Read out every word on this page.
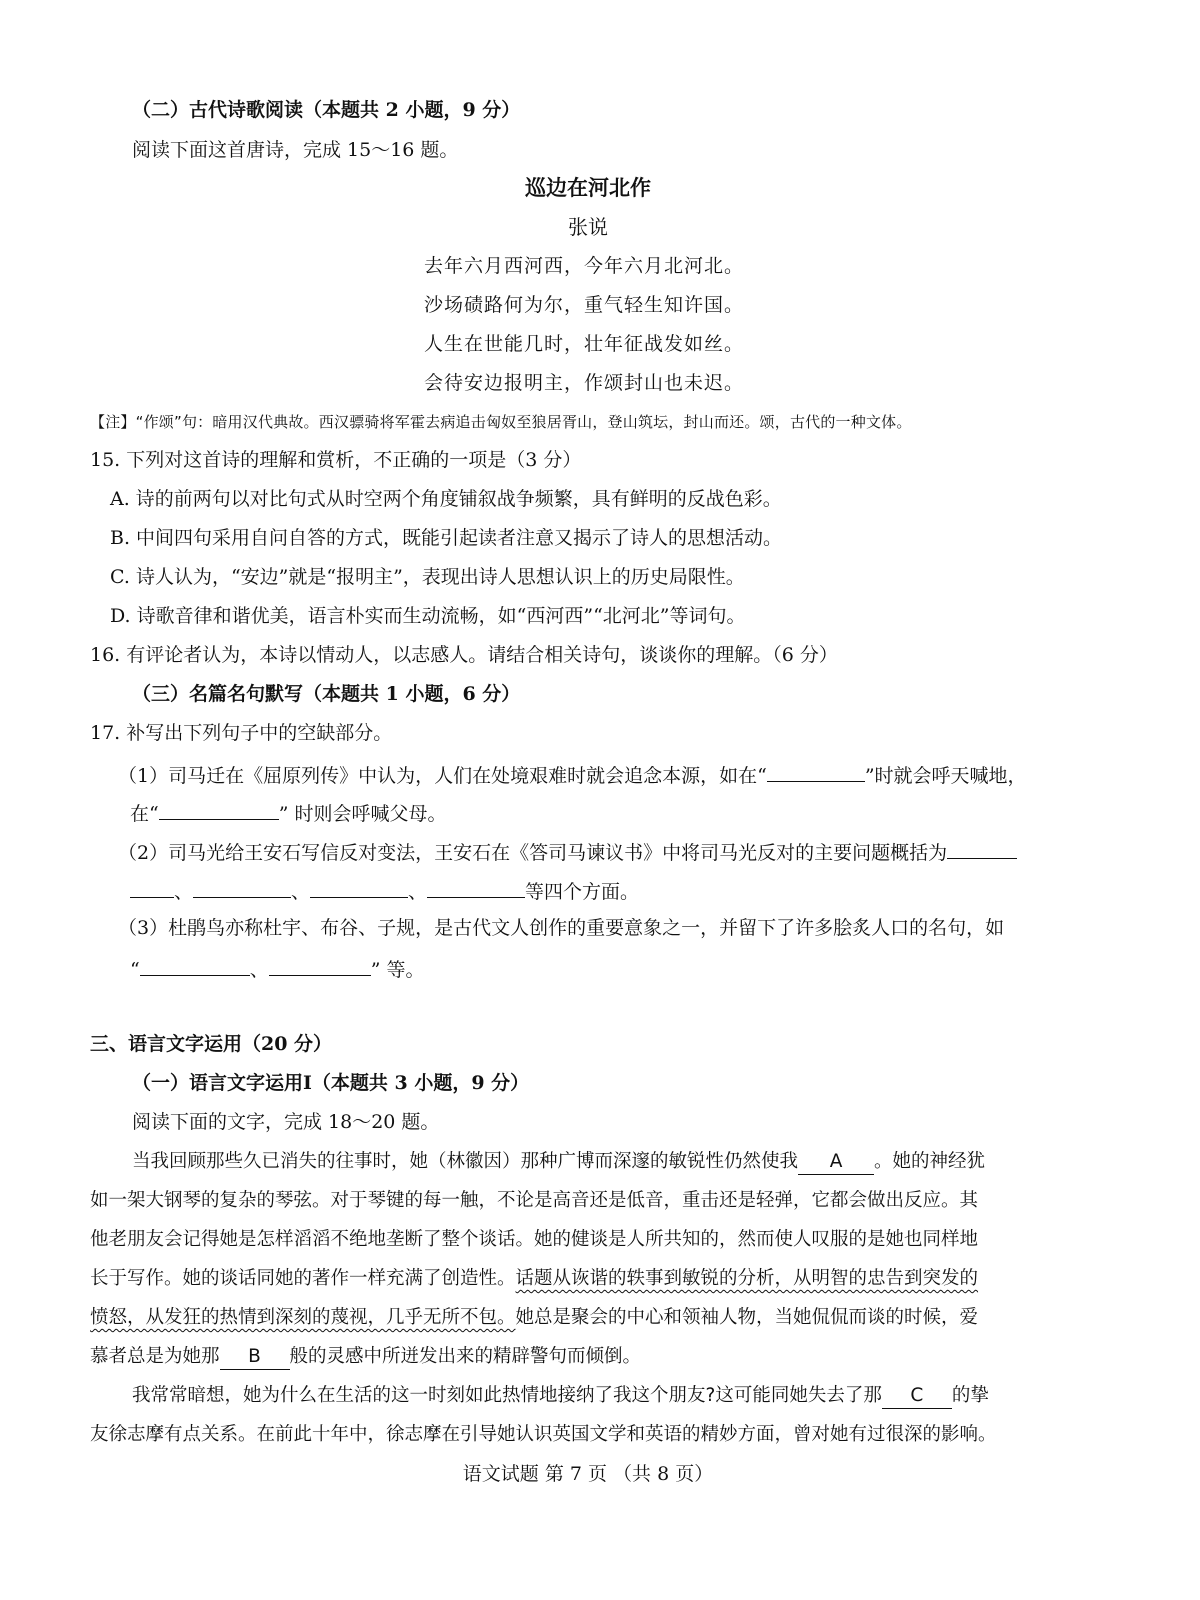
（二）古代诗歌阅读（本题共 2 小题，9 分）
阅读下面这首唐诗，完成 15～16 题。
巡边在河北作
张说
去年六月西河西，今年六月北河北。
沙场碛路何为尔，重气轻生知许国。
人生在世能几时，壮年征战发如丝。
会待安边报明主，作颂封山也未迟。
【注】“作颂”句：暗用汉代典故。西汉骠骑将军霍去病追击匈奴至狼居胥山，登山筑坛，封山而还。颂，古代的一种文体。
15. 下列对这首诗的理解和赏析，不正确的一项是（3 分）
A. 诗的前两句以对比句式从时空两个角度铺叙战争频繁，具有鲜明的反战色彩。
B. 中间四句采用自问自答的方式，既能引起读者注意又揭示了诗人的思想活动。
C. 诗人认为，“安边”就是“报明主”，表现出诗人思想认识上的历史局限性。
D. 诗歌音律和谐优美，语言朴实而生动流畅，如“西河西”“北河北”等词句。
16. 有评论者认为，本诗以情动人，以志感人。请结合相关诗句，谈谈你的理解。（6 分）
（三）名篇名句默写（本题共 1 小题，6 分）
17. 补写出下列句子中的空缺部分。
（1）司马迁在《屈原列传》中认为，人们在处境艰难时就会追念本源，如在“	”时就会呼天喊地，
在“	” 时则会呼喊父母。
（2）司马光给王安石写信反对变法，王安石在《答司马谏议书》中将司马光反对的主要问题概括为
、	、	、	等四个方面。
（3）杜鹃鸟亦称杜宇、布谷、子规，是古代文人创作的重要意象之一，并留下了许多脍炙人口的名句，如
“	、	” 等。
三、语言文字运用（20 分）
（一）语言文字运用Ⅰ（本题共 3 小题，9 分）
阅读下面的文字，完成 18～20 题。
当我回顾那些久已消失的往事时，她（林徽因）那种广博而深邃的敏锐性仍然使我 A 。她的神经犹
如一架大钢琴的复杂的琴弦。对于琴键的每一触，不论是高音还是低音，重击还是轻弹，它都会做出反应。其
他老朋友会记得她是怎样滔滔不绝地垄断了整个谈话。她的健谈是人所共知的，然而使人叹服的是她也同样地
长于写作。她的谈话同她的著作一样充满了创造性。话题从诙谐的轶事到敏锐的分析，从明智的忠告到突发的
愤怒，从发狂的热情到深刻的蔑视，几乎无所不包。她总是聚会的中心和领袖人物，当她侃侃而谈的时候，爱
慕者总是为她那 B 般的灵感中所迸发出来的精辟警句而倾倒。
我常常暗想，她为什么在生活的这一时刻如此热情地接纳了我这个朋友?这可能同她失去了那 C 的挚
友徐志摩有点关系。在前此十年中，徐志摩在引导她认识英国文学和英语的精妙方面，曾对她有过很深的影响。
语文试题 第 7 页 （共 8 页）
